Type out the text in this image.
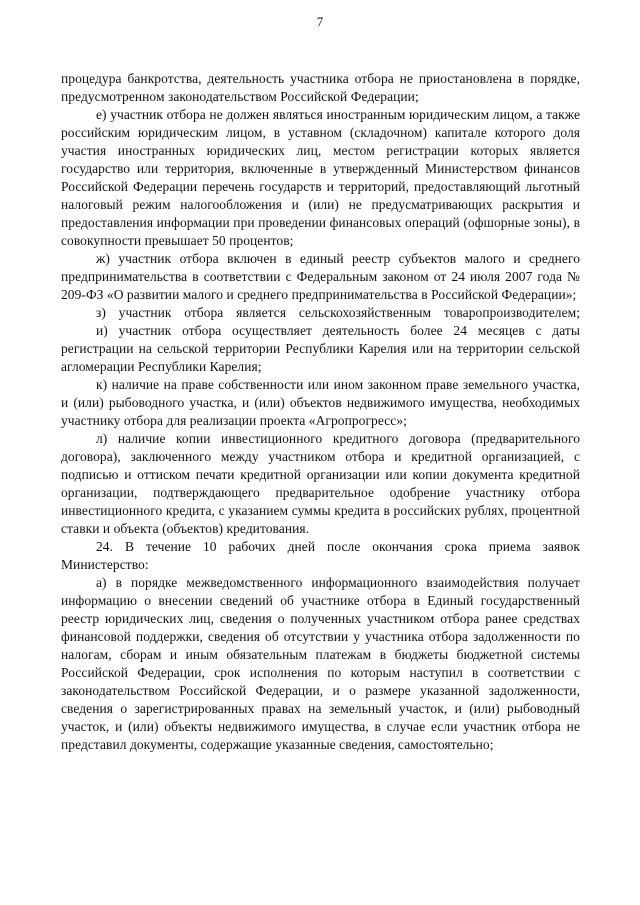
7

процедура банкротства, деятельность участника отбора не приостановлена в порядке, предусмотренном законодательством Российской Федерации;

е) участник отбора не должен являться иностранным юридическим лицом, а также российским юридическим лицом, в уставном (складочном) капитале которого доля участия иностранных юридических лиц, местом регистрации которых является государство или территория, включенные в утвержденный Министерством финансов Российской Федерации перечень государств и территорий, предоставляющий льготный налоговый режим налогообложения и (или) не предусматривающих раскрытия и предоставления информации при проведении финансовых операций (офшорные зоны), в совокупности превышает 50 процентов;

ж) участник отбора включен в единый реестр субъектов малого и среднего предпринимательства в соответствии с Федеральным законом от 24 июля 2007 года № 209-ФЗ «О развитии малого и среднего предпринимательства в Российской Федерации»;

з) участник отбора является сельскохозяйственным товаропроизводителем;

и) участник отбора осуществляет деятельность более 24 месяцев с даты регистрации на сельской территории Республики Карелия или на территории сельской агломерации Республики Карелия;

к) наличие на праве собственности или ином законном праве земельного участка, и (или) рыбоводного участка, и (или) объектов недвижимого имущества, необходимых участнику отбора для реализации проекта «Агропрогресс»;

л) наличие копии инвестиционного кредитного договора (предварительного договора), заключенного между участником отбора и кредитной организацией, с подписью и оттиском печати кредитной организации или копии документа кредитной организации, подтверждающего предварительное одобрение участнику отбора инвестиционного кредита, с указанием суммы кредита в российских рублях, процентной ставки и объекта (объектов) кредитования.

24. В течение 10 рабочих дней после окончания срока приема заявок Министерство:

а) в порядке межведомственного информационного взаимодействия получает информацию о внесении сведений об участнике отбора в Единый государственный реестр юридических лиц, сведения о полученных участником отбора ранее средствах финансовой поддержки, сведения об отсутствии у участника отбора задолженности по налогам, сборам и иным обязательным платежам в бюджеты бюджетной системы Российской Федерации, срок исполнения по которым наступил в соответствии с законодательством Российской Федерации, и о размере указанной задолженности, сведения о зарегистрированных правах на земельный участок, и (или) рыбоводный участок, и (или) объекты недвижимого имущества, в случае если участник отбора не представил документы, содержащие указанные сведения, самостоятельно;
